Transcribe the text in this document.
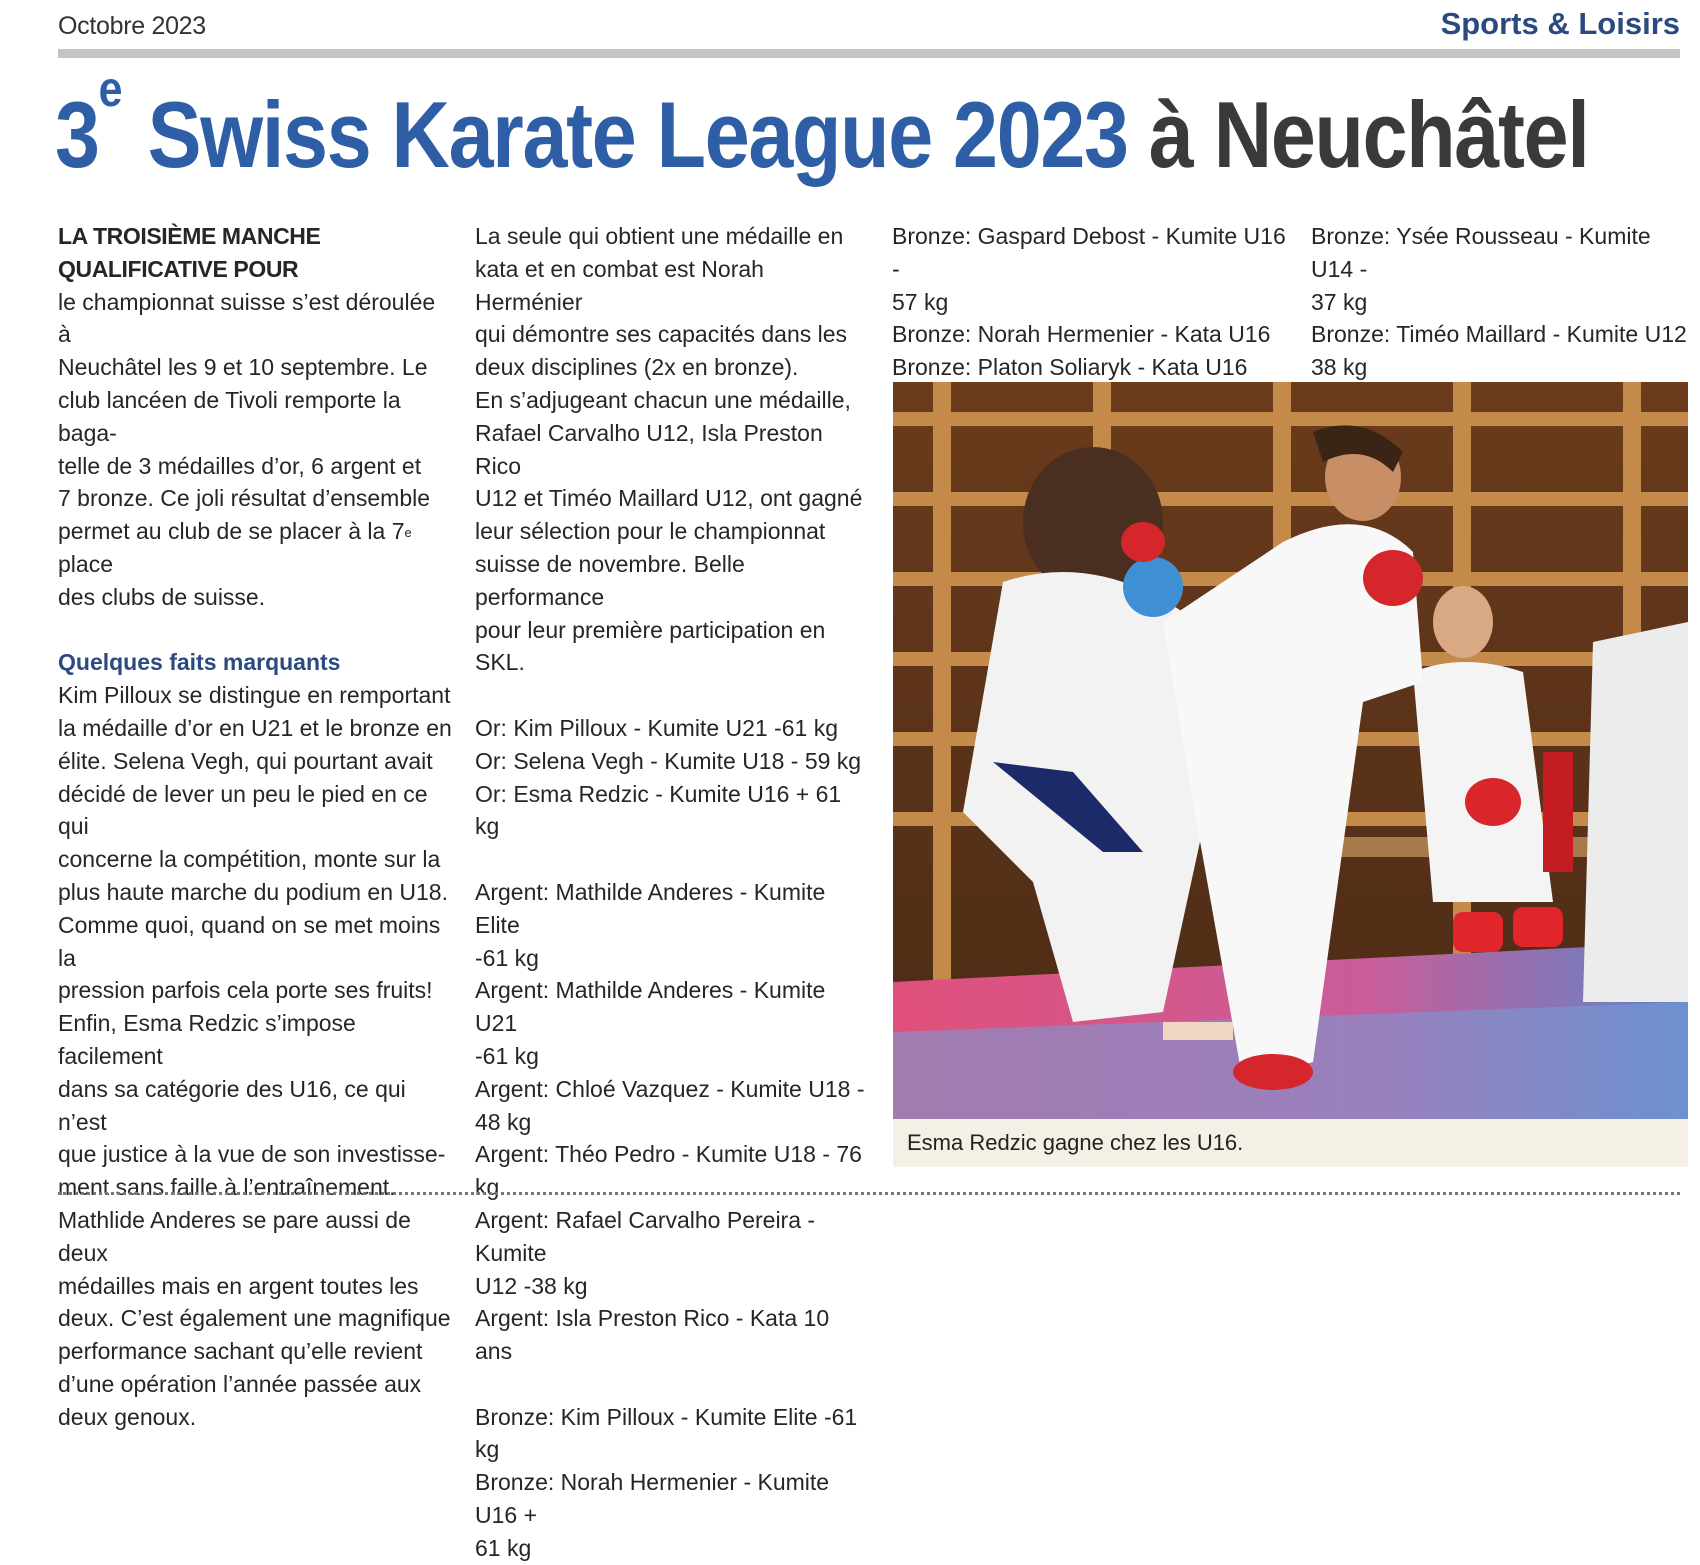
Octobre 2023	Sports & Loisirs
3e Swiss Karate League 2023 à Neuchâtel
LA TROISIÈME MANCHE QUALIFICATIVE POUR
le championnat suisse s’est déroulée à
Neuchâtel les 9 et 10 septembre. Le
club lancéen de Tivoli remporte la baga-
telle de 3 médailles d’or, 6 argent et
7 bronze. Ce joli résultat d’ensemble
permet au club de se placer à la 7e place
des clubs de suisse.
Quelques faits marquants
Kim Pilloux se distingue en remportant
la médaille d’or en U21 et le bronze en
élite. Selena Vegh, qui pourtant avait
décidé de lever un peu le pied en ce qui
concerne la compétition, monte sur la
plus haute marche du podium en U18.
Comme quoi, quand on se met moins la
pression parfois cela porte ses fruits!
Enfin, Esma Redzic s’impose facilement
dans sa catégorie des U16, ce qui n’est
que justice à la vue de son investisse-
ment sans faille à l’entraînement.
Mathlide Anderes se pare aussi de deux
médailles mais en argent toutes les
deux. C’est également une magnifique
performance sachant qu’elle revient
d’une opération l’année passée aux
deux genoux.
La seule qui obtient une médaille en
kata et en combat est Norah Herménier
qui démontre ses capacités dans les
deux disciplines (2x en bronze).
En s’adjugeant chacun une médaille,
Rafael Carvalho U12, Isla Preston Rico
U12 et Timéo Maillard U12, ont gagné
leur sélection pour le championnat
suisse de novembre. Belle performance
pour leur première participation en SKL.
Or: Kim Pilloux - Kumite U21 -61 kg
Or: Selena Vegh - Kumite U18 - 59 kg
Or: Esma Redzic - Kumite U16 + 61 kg
Argent: Mathilde Anderes - Kumite Elite
-61 kg
Argent: Mathilde Anderes - Kumite U21
-61 kg
Argent: Chloé Vazquez - Kumite U18 -
48 kg
Argent: Théo Pedro - Kumite U18 - 76 kg
Argent: Rafael Carvalho Pereira - Kumite
U12 -38 kg
Argent: Isla Preston Rico - Kata 10 ans
Bronze: Kim Pilloux - Kumite Elite -61 kg
Bronze: Norah Hermenier - Kumite U16 +
61 kg
Bronze: Gaspard Debost - Kumite U16 -
57 kg
Bronze: Norah Hermenier - Kata U16
Bronze: Platon Soliaryk - Kata U16
Bronze: Ysée Rousseau - Kumite U14 -
37 kg
Bronze: Timéo Maillard - Kumite U12
38 kg
Esma Redzic gagne chez les U16.
